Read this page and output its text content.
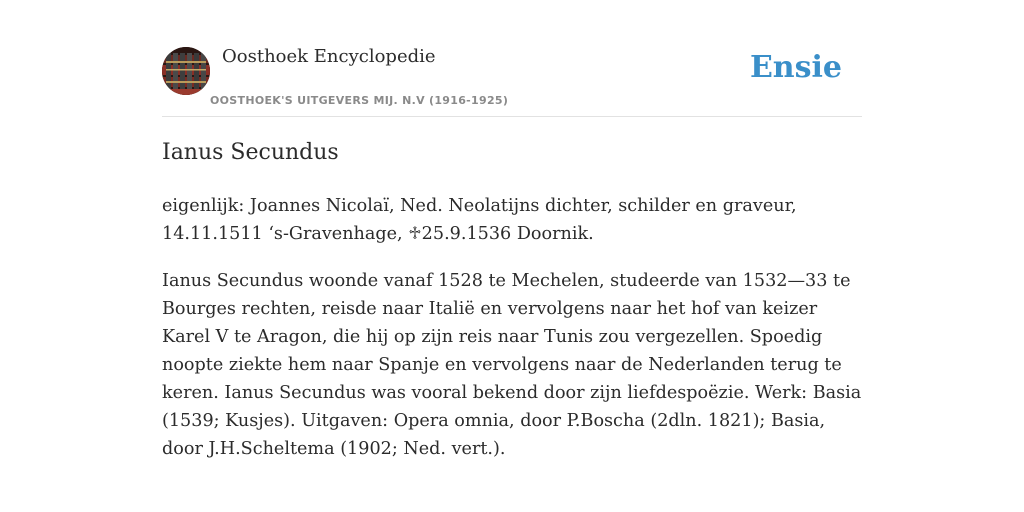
Oosthoek Encyclopedie
OOSTHOEK'S UITGEVERS MIJ. N.V (1916-1925)
Ensie
Ianus Secundus

eigenlijk: Joannes Nicolaï, Ned. Neolatijns dichter, schilder en graveur, 14.11.1511 ‘s-Gravenhage, ♱25.9.1536 Doornik.

Ianus Secundus woonde vanaf 1528 te Mechelen, studeerde van 1532—33 te Bourges rechten, reisde naar Italië en vervolgens naar het hof van keizer Karel V te Aragon, die hij op zijn reis naar Tunis zou vergezellen. Spoedig noopte ziekte hem naar Spanje en vervolgens naar de Nederlanden terug te keren. Ianus Secundus was vooral bekend door zijn liefdespoëzie. Werk: Basia (1539; Kusjes). Uitgaven: Opera omnia, door P.Boscha (2dln. 1821); Basia, door J.H.Scheltema (1902; Ned. vert.).
